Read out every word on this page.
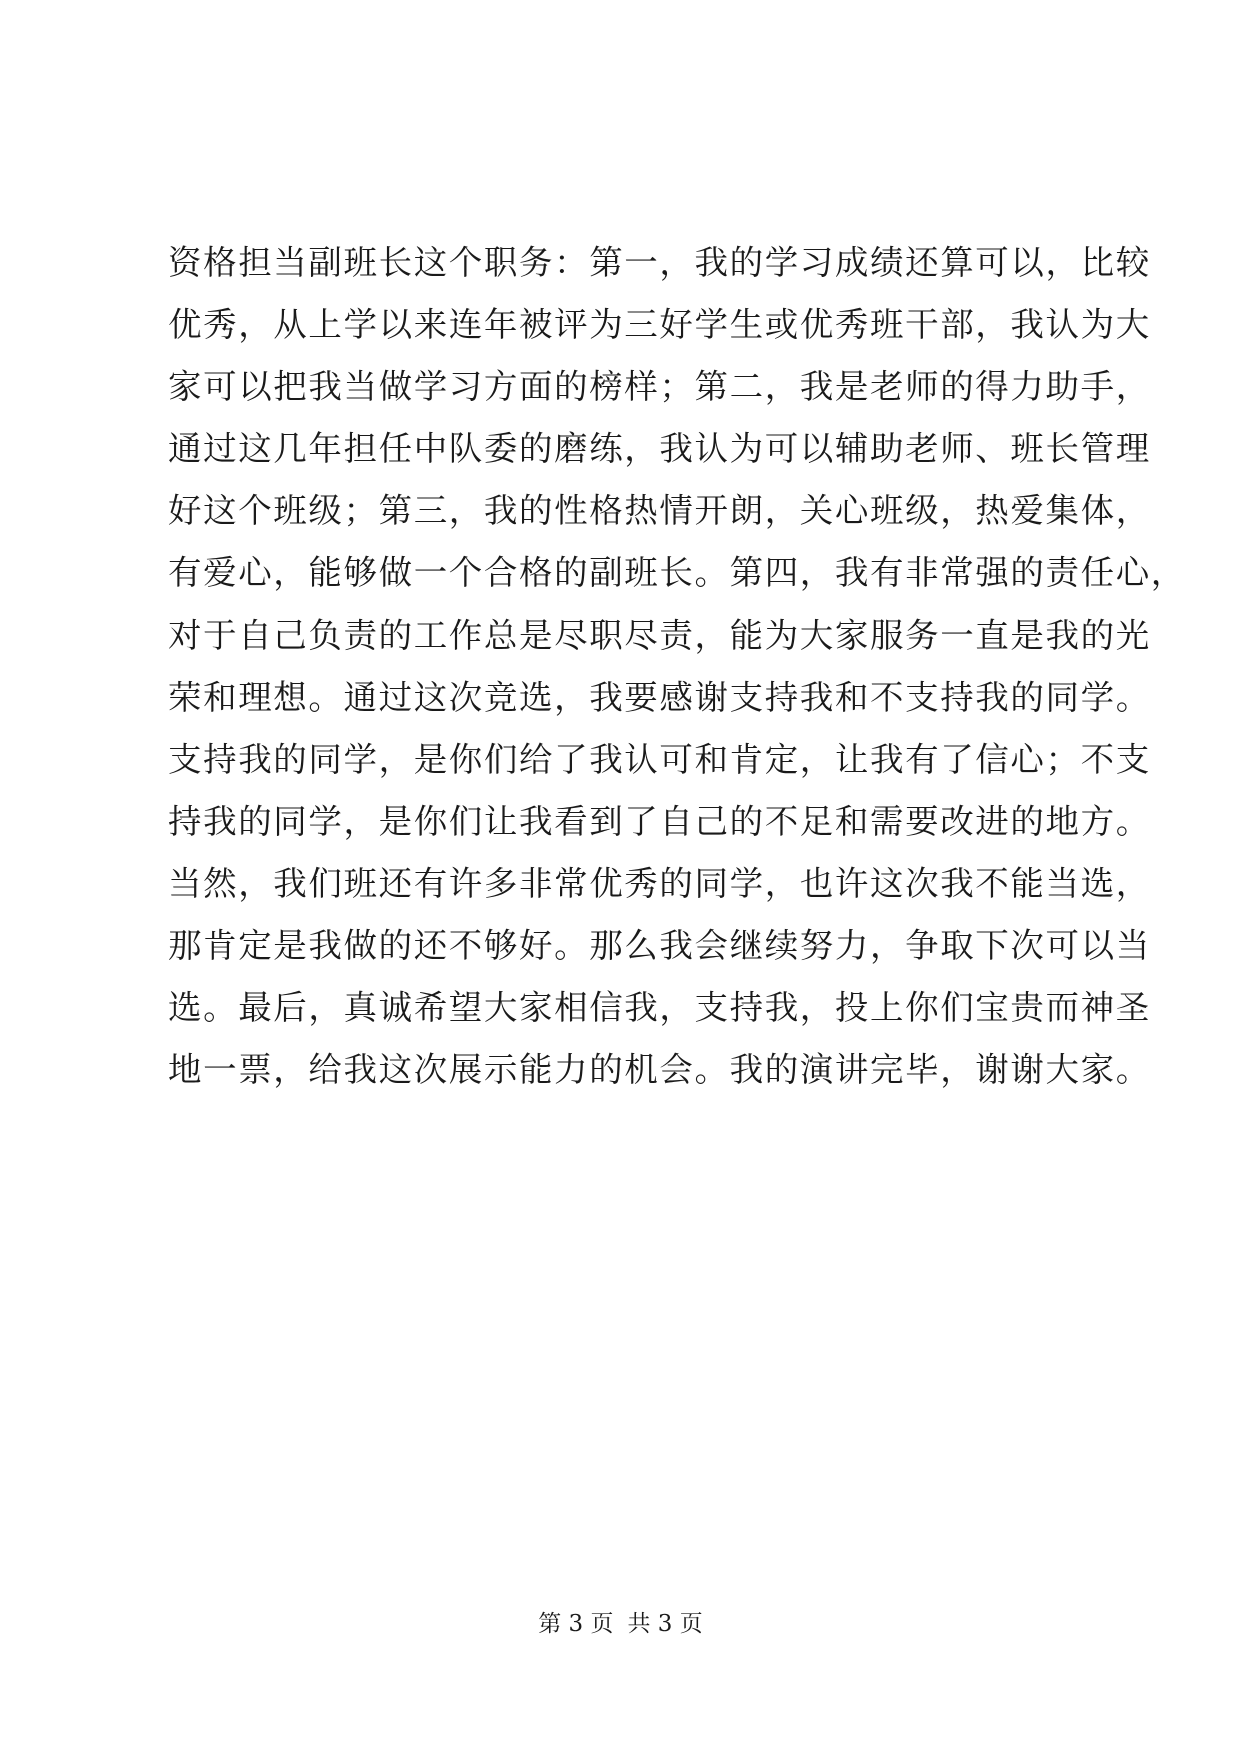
资格担当副班长这个职务：第一，我的学习成绩还算可以，比较
优秀，从上学以来连年被评为三好学生或优秀班干部，我认为大
家可以把我当做学习方面的榜样；第二，我是老师的得力助手，
通过这几年担任中队委的磨练，我认为可以辅助老师、班长管理
好这个班级；第三，我的性格热情开朗，关心班级，热爱集体，
有爱心，能够做一个合格的副班长。第四，我有非常强的责任心，
对于自己负责的工作总是尽职尽责，能为大家服务一直是我的光
荣和理想。通过这次竞选，我要感谢支持我和不支持我的同学。
支持我的同学，是你们给了我认可和肯定，让我有了信心；不支
持我的同学，是你们让我看到了自己的不足和需要改进的地方。
当然，我们班还有许多非常优秀的同学，也许这次我不能当选，
那肯定是我做的还不够好。那么我会继续努力，争取下次可以当
选。最后，真诚希望大家相信我，支持我，投上你们宝贵而神圣
地一票，给我这次展示能力的机会。我的演讲完毕，谢谢大家。
第 3 页 共 3 页
